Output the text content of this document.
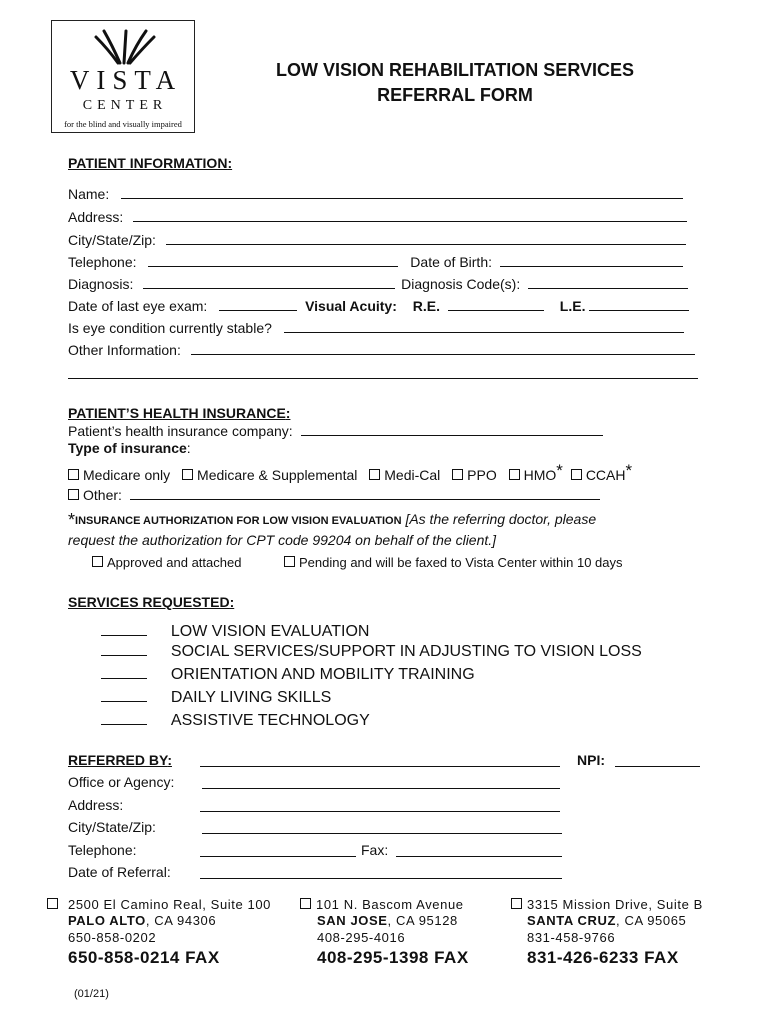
VISTA
CENTER
for the blind and visually impaired
LOW VISION REHABILITATION SERVICES
REFERRAL FORM
PATIENT INFORMATION:
Name:
Address:
City/State/Zip:
Telephone:	Date of Birth:
Diagnosis:	Diagnosis Code(s):
Date of last eye exam:	Visual Acuity: R.E.	L.E.
Is eye condition currently stable?
Other Information:
PATIENT’S HEALTH INSURANCE:
Patient’s health insurance company:
Type of insurance:
Medicare only Medicare & Supplemental Medi-Cal PPO HMO* CCAH*
Other:
*INSURANCE AUTHORIZATION FOR LOW VISION EVALUATION [As the referring doctor, please
request the authorization for CPT code 99204 on behalf of the client.]
Approved and attached	Pending and will be faxed to Vista Center within 10 days
SERVICES REQUESTED:
LOW VISION EVALUATION
SOCIAL SERVICES/SUPPORT IN ADJUSTING TO VISION LOSS
ORIENTATION AND MOBILITY TRAINING
DAILY LIVING SKILLS
ASSISTIVE TECHNOLOGY
REFERRED BY:	NPI:
Office or Agency:
Address:
City/State/Zip:
Telephone:	Fax:
Date of Referral:
2500 El Camino Real, Suite 100
PALO ALTO, CA 94306
650-858-0202
650-858-0214 FAX
101 N. Bascom Avenue
SAN JOSE, CA 95128
408-295-4016
408-295-1398 FAX
3315 Mission Drive, Suite B
SANTA CRUZ, CA 95065
831-458-9766
831-426-6233 FAX
(01/21)
